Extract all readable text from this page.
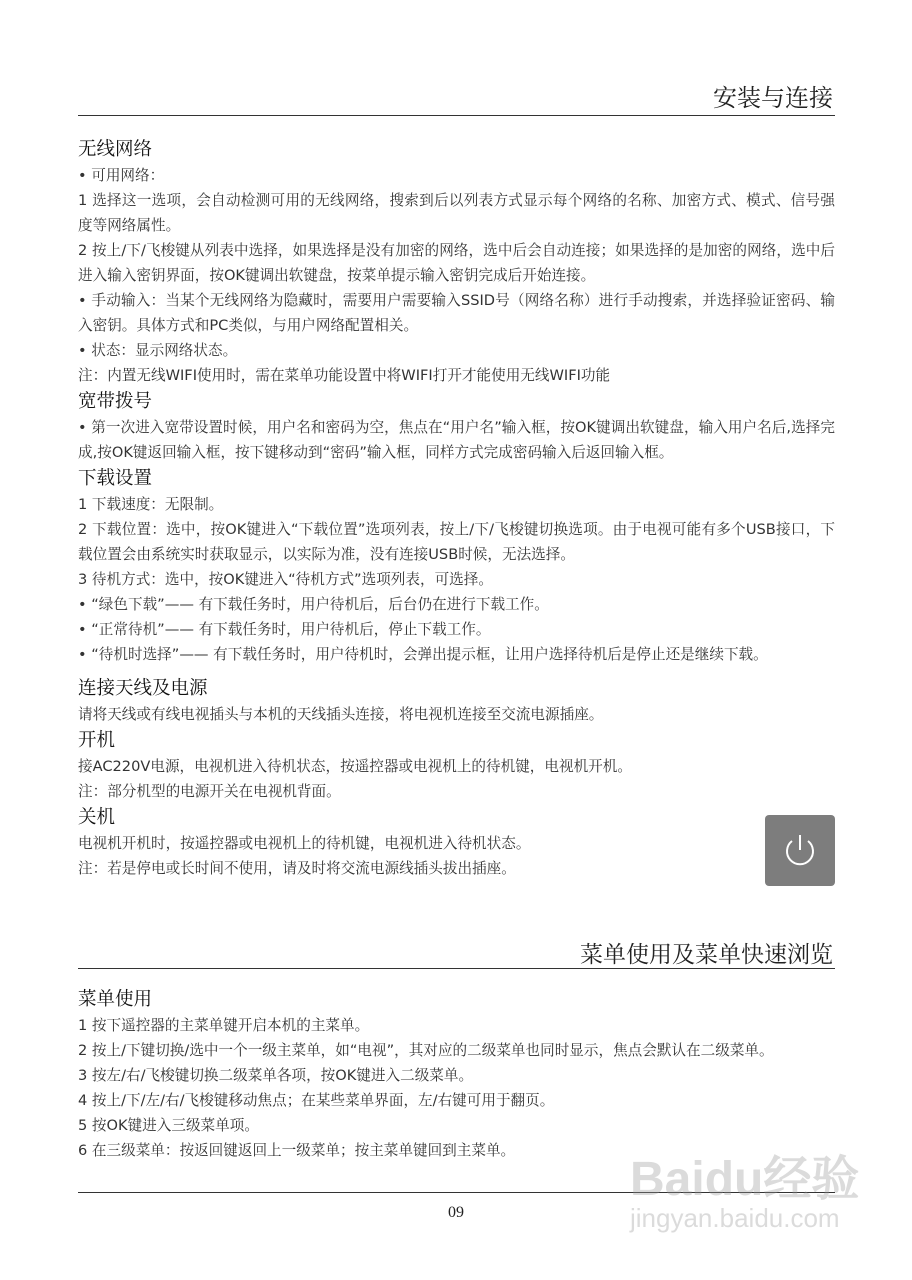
安装与连接
无线网络

• 可用网络：

1 选择这一选项，会自动检测可用的无线网络，搜索到后以列表方式显示每个网络的名称、加密方式、模式、信号强度等网络属性。

2 按上/下/飞梭键从列表中选择，如果选择是没有加密的网络，选中后会自动连接；如果选择的是加密的网络，选中后进入输入密钥界面，按OK键调出软键盘，按菜单提示输入密钥完成后开始连接。

• 手动输入：当某个无线网络为隐藏时，需要用户需要输入SSID号（网络名称）进行手动搜索，并选择验证密码、输入密钥。具体方式和PC类似，与用户网络配置相关。

• 状态：显示网络状态。

注：内置无线WIFI使用时，需在菜单功能设置中将WIFI打开才能使用无线WIFI功能

宽带拨号

• 第一次进入宽带设置时候，用户名和密码为空，焦点在“用户名”输入框，按OK键调出软键盘，输入用户名后,选择完成,按OK键返回输入框，按下键移动到“密码”输入框，同样方式完成密码输入后返回输入框。

下载设置

1 下载速度：无限制。

2 下载位置：选中，按OK键进入“下载位置”选项列表，按上/下/飞梭键切换选项。由于电视可能有多个USB接口，下载位置会由系统实时获取显示，以实际为准，没有连接USB时候，无法选择。

3 待机方式：选中，按OK键进入“待机方式”选项列表，可选择。

• “绿色下载”—— 有下载任务时，用户待机后，后台仍在进行下载工作。

• “正常待机”—— 有下载任务时，用户待机后，停止下载工作。

• “待机时选择”—— 有下载任务时，用户待机时，会弹出提示框，让用户选择待机后是停止还是继续下载。

连接天线及电源

请将天线或有线电视插头与本机的天线插头连接，将电视机连接至交流电源插座。

开机

接AC220V电源，电视机进入待机状态，按遥控器或电视机上的待机键，电视机开机。

注：部分机型的电源开关在电视机背面。

关机

电视机开机时，按遥控器或电视机上的待机键，电视机进入待机状态。

注：若是停电或长时间不使用，请及时将交流电源线插头拔出插座。

菜单使用及菜单快速浏览
菜单使用

1 按下遥控器的主菜单键开启本机的主菜单。

2 按上/下键切换/选中一个一级主菜单，如“电视”，其对应的二级菜单也同时显示，焦点会默认在二级菜单。

3 按左/右/飞梭键切换二级菜单各项，按OK键进入二级菜单。

4 按上/下/左/右/飞梭键移动焦点；在某些菜单界面，左/右键可用于翻页。

5 按OK键进入三级菜单项。

6 在三级菜单：按返回键返回上一级菜单；按主菜单键回到主菜单。

09
Baidu经验
jingyan.baidu.com
